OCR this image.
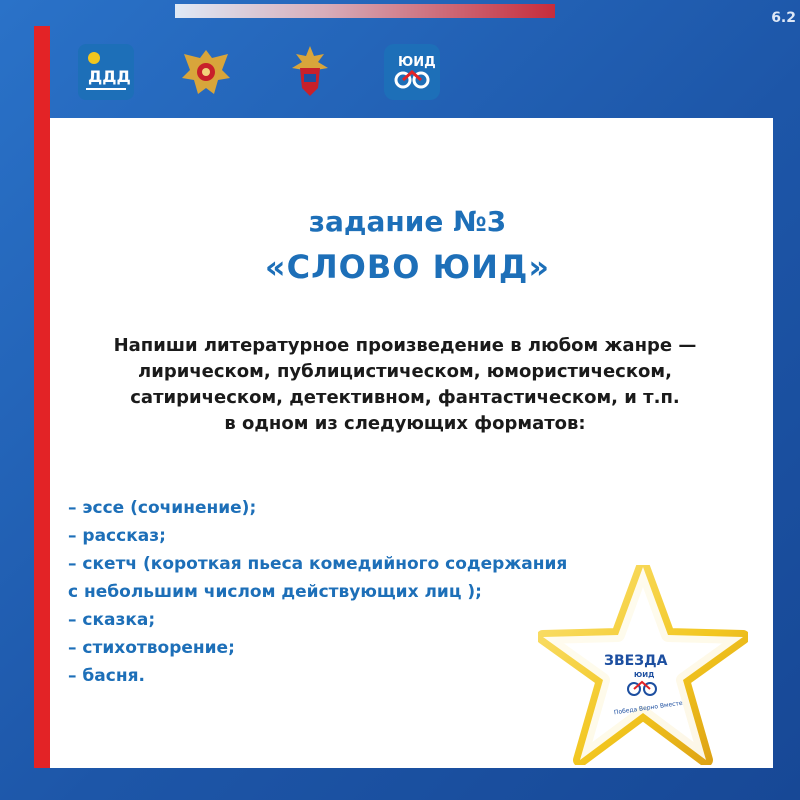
6.2
ДДД
ЮИД
задание №3
«СЛОВО ЮИД»
Напиши литературное произведение в любом жанре —
лирическом, публицистическом, юмористическом,
сатирическом, детективном, фантастическом, и т.п.
в одном из следующих форматов:
– эссе (сочинение);
– рассказ;
– скетч (короткая пьеса комедийного содержания
с небольшим числом действующих лиц );
– сказка;
– стихотворение;
– басня.
ЗВЕЗДА
ЮИД
Победа Верно Вместе
